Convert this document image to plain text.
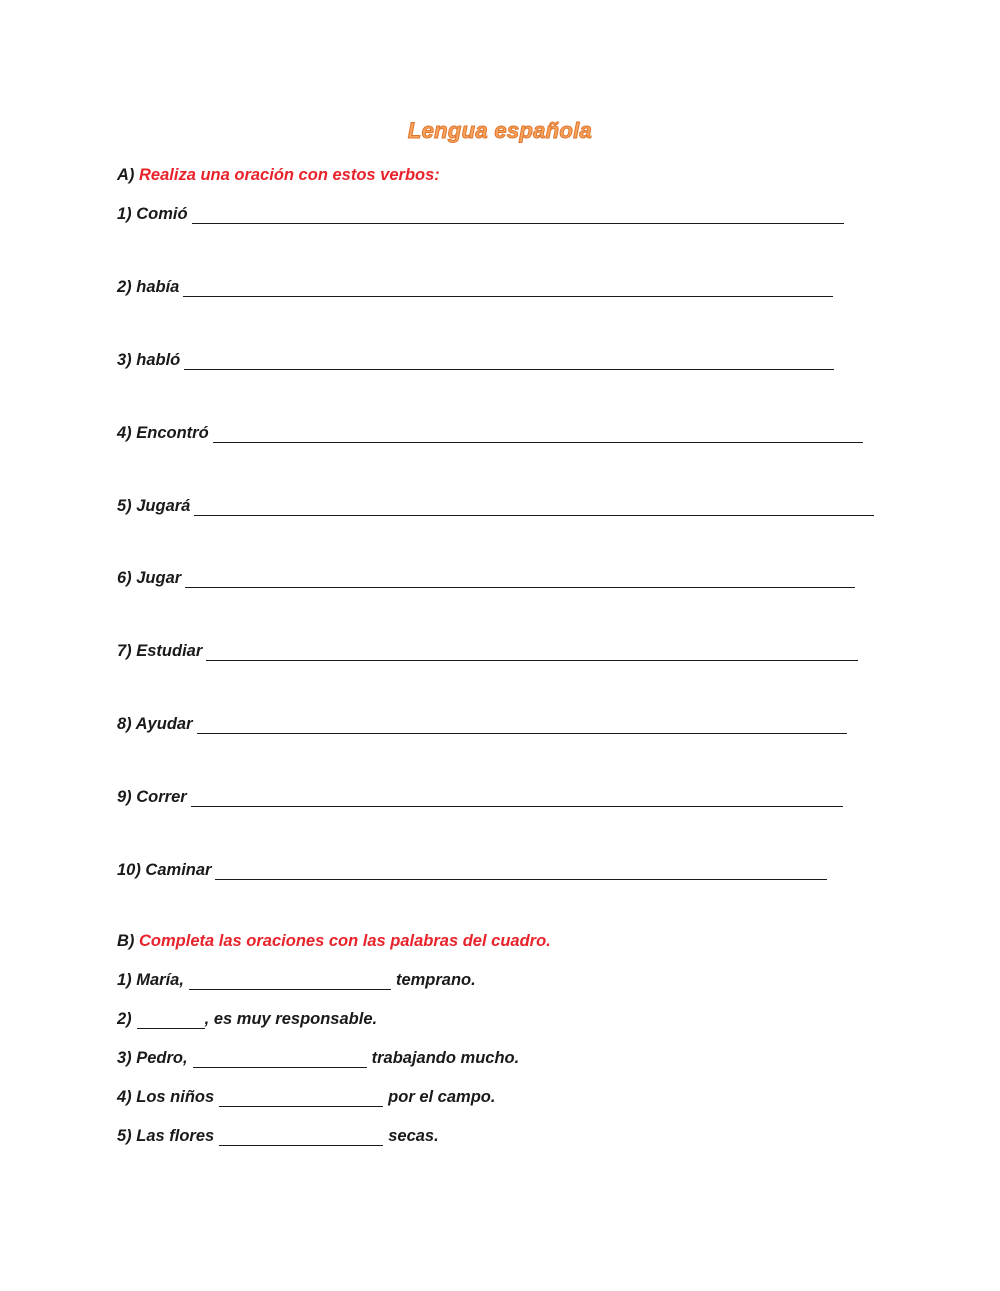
Lengua española
A) Realiza una oración con estos verbos:
1) Comió
2) había
3) habló
4) Encontró
5) Jugará
6) Jugar
7) Estudiar
8) Ayudar
9) Correr
10) Caminar
B) Completa las oraciones con las palabras del cuadro.
1) María,	temprano.
2)	, es muy responsable.
3) Pedro,	trabajando mucho.
4) Los niños	por el campo.
5) Las flores	secas.
